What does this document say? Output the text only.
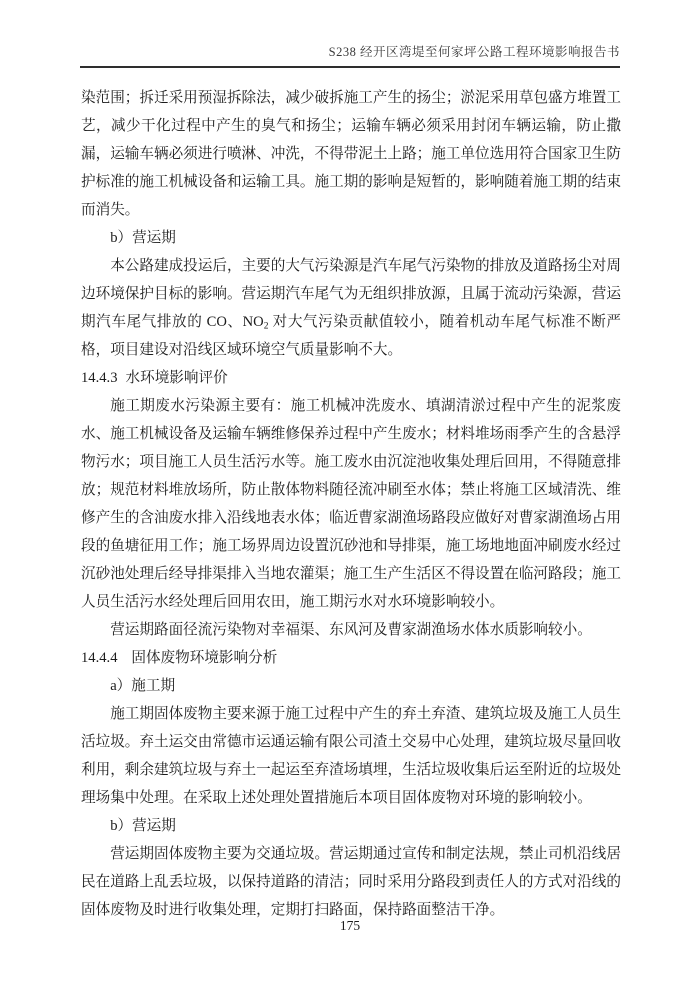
S238 经开区湾堤至何家坪公路工程环境影响报告书

染范围；拆迁采用预湿拆除法，减少破拆施工产生的扬尘；淤泥采用草包盛方堆置工艺，减少干化过程中产生的臭气和扬尘；运输车辆必须采用封闭车辆运输，防止撒漏，运输车辆必须进行喷淋、冲洗，不得带泥土上路；施工单位选用符合国家卫生防护标准的施工机械设备和运输工具。施工期的影响是短暂的，影响随着施工期的结束而消失。

b）营运期

本公路建成投运后，主要的大气污染源是汽车尾气污染物的排放及道路扬尘对周边环境保护目标的影响。营运期汽车尾气为无组织排放源，且属于流动污染源，营运期汽车尾气排放的 CO、$NO_2$ 对大气污染贡献值较小，随着机动车尾气标准不断严格，项目建设对沿线区域环境空气质量影响不大。

14.4.3 水环境影响评价

施工期废水污染源主要有：施工机械冲洗废水、填湖清淤过程中产生的泥浆废水、施工机械设备及运输车辆维修保养过程中产生废水；材料堆场雨季产生的含悬浮物污水；项目施工人员生活污水等。施工废水由沉淀池收集处理后回用，不得随意排放；规范材料堆放场所，防止散体物料随径流冲刷至水体；禁止将施工区域清洗、维修产生的含油废水排入沿线地表水体；临近曹家湖渔场路段应做好对曹家湖渔场占用段的鱼塘征用工作；施工场界周边设置沉砂池和导排渠，施工场地地面冲刷废水经过沉砂池处理后经导排渠排入当地农灌渠；施工生产生活区不得设置在临河路段；施工人员生活污水经处理后回用农田，施工期污水对水环境影响较小。

营运期路面径流污染物对幸福渠、东风河及曹家湖渔场水体水质影响较小。

14.4.4 固体废物环境影响分析

a）施工期

施工期固体废物主要来源于施工过程中产生的弃土弃渣、建筑垃圾及施工人员生活垃圾。弃土运交由常德市运通运输有限公司渣土交易中心处理，建筑垃圾尽量回收利用，剩余建筑垃圾与弃土一起运至弃渣场填埋，生活垃圾收集后运至附近的垃圾处理场集中处理。在采取上述处理处置措施后本项目固体废物对环境的影响较小。

b）营运期

营运期固体废物主要为交通垃圾。营运期通过宣传和制定法规，禁止司机沿线居民在道路上乱丢垃圾，以保持道路的清洁；同时采用分路段到责任人的方式对沿线的固体废物及时进行收集处理，定期打扫路面，保持路面整洁干净。

175
